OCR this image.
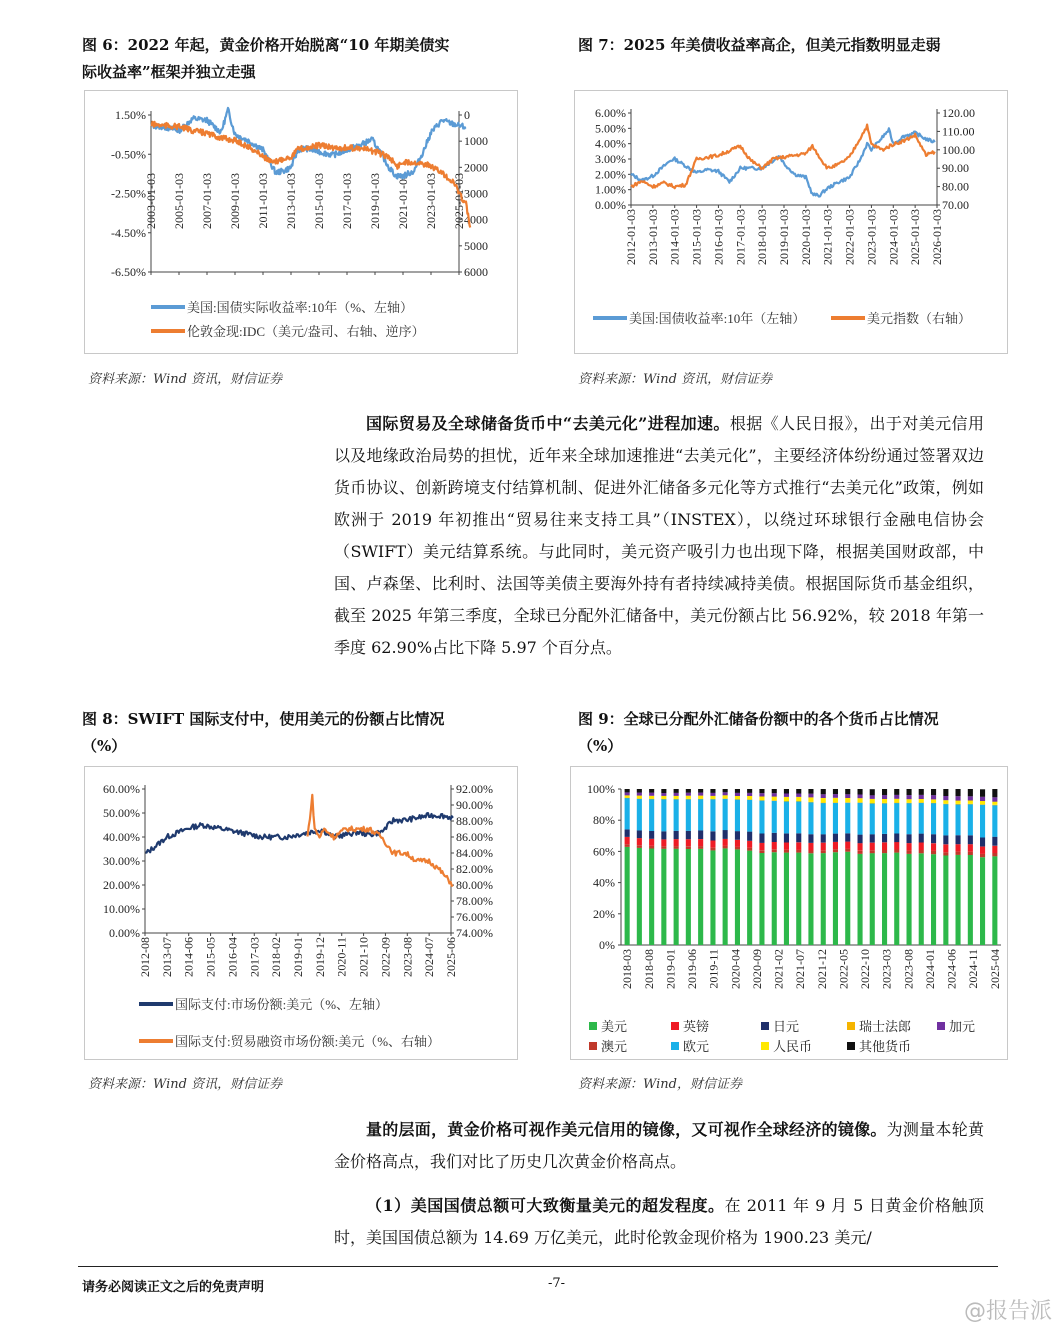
图 6：2022 年起，黄金价格开始脱离“10 年期美债实
际收益率”框架并独立走强
1.50%
-0.50%
-2.50%
-4.50%
-6.50%
0
1000
2000
3000
4000
5000
6000
2003-01-03 2005-01-03 2007-01-03 2009-01-03 2011-01-03 2013-01-03 2015-01-03 2017-01-03 2019-01-03 2021-01-03 2023-01-03 2025-01-03
美国:国债实际收益率:10年（%、左轴）
伦敦金现:IDC（美元/盎司、右轴、逆序）
资料来源：Wind 资讯，财信证券
图 7：2025 年美债收益率高企，但美元指数明显走弱
6.00%
5.00%
4.00%
3.00%
2.00%
1.00%
0.00%
120.00
110.00
100.00
90.00
80.00
70.00
2012-01-03 2013-01-03 2014-01-03 2015-01-03 2016-01-03 2017-01-03 2018-01-03 2019-01-03 2020-01-03 2021-01-03 2022-01-03 2023-01-03 2024-01-03 2025-01-03 2026-01-03
美国:国债收益率:10年（左轴）	美元指数（右轴）
资料来源：Wind 资讯，财信证券

国际贸易及全球储备货币中“去美元化”进程加速。根据《人民日报》，出于对美元信用以及地缘政治局势的担忧，近年来全球加速推进“去美元化”，主要经济体纷纷通过签署双边货币协议、创新跨境支付结算机制、促进外汇储备多元化等方式推行“去美元化”政策，例如欧洲于 2019 年初推出“贸易往来支持工具”（INSTEX），以绕过环球银行金融电信协会（SWIFT）美元结算系统。与此同时，美元资产吸引力也出现下降，根据美国财政部，中国、卢森堡、比利时、法国等美债主要海外持有者持续减持美债。根据国际货币基金组织，截至 2025 年第三季度，全球已分配外汇储备中，美元份额占比 56.92%，较 2018 年第一季度 62.90%占比下降 5.97 个百分点。

图 8：SWIFT 国际支付中，使用美元的份额占比情况
（%）
60.00%
50.00%
40.00%
30.00%
20.00%
10.00%
0.00%
92.00%
90.00%
88.00%
86.00%
84.00%
82.00%
80.00%
78.00%
76.00%
74.00%
2012-08 2013-07 2014-06 2015-05 2016-04 2017-03 2018-02 2019-01 2019-12 2020-11 2021-10 2022-09 2023-08 2024-07 2025-06
国际支付:市场份额:美元（%、左轴）
国际支付:贸易融资市场份额:美元（%、右轴）
资料来源：Wind 资讯，财信证券
图 9：全球已分配外汇储备份额中的各个货币占比情况
（%）
100%
80%
60%
40%
20%
0%
2018-03 2018-08 2019-01 2019-06 2019-11 2020-04 2020-09 2021-02 2021-07 2021-12 2022-05 2022-10 2023-03 2023-08 2024-01 2024-06 2024-11 2025-04
美元	英镑	日元	瑞士法郎	加元
澳元	欧元	人民币	其他货币
资料来源：Wind，财信证券

量的层面，黄金价格可视作美元信用的镜像，又可视作全球经济的镜像。为测量本轮黄金价格高点，我们对比了历史几次黄金价格高点。

（1）美国国债总额可大致衡量美元的超发程度。在 2011 年 9 月 5 日黄金价格触顶时，美国国债总额为 14.69 万亿美元，此时伦敦金现价格为 1900.23 美元/

请务必阅读正文之后的免责声明	-7-
@报告派
